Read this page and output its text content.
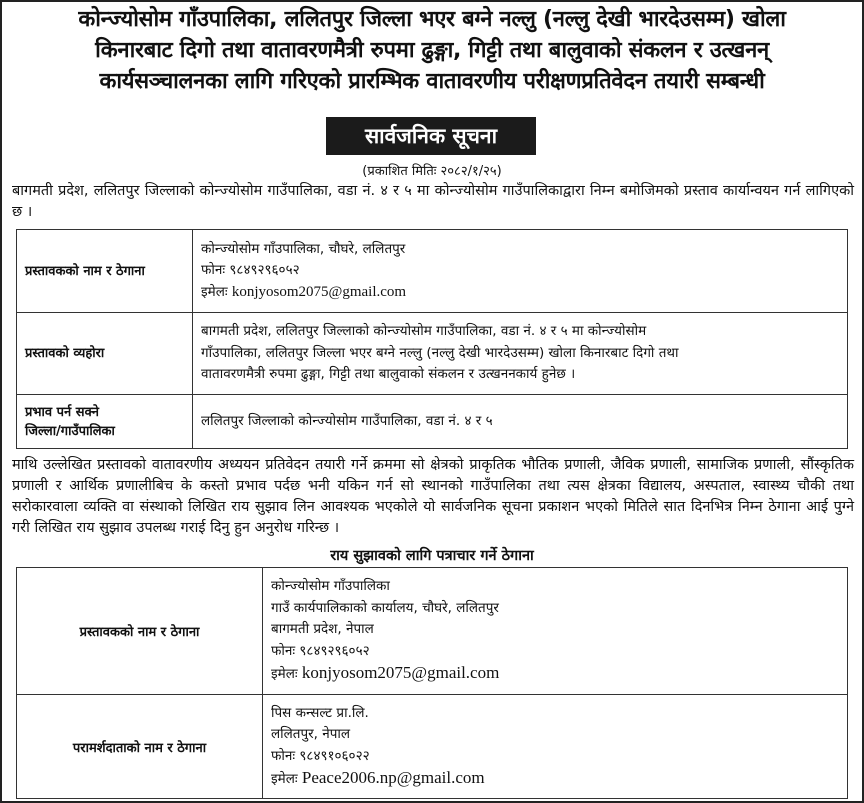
कोन्ज्योसोम गाँउपालिका, ललितपुर जिल्ला भएर बग्ने नल्लु (नल्लु देखी भारदेउसम्म) खोला
किनारबाट दिगो तथा वातावरणमैत्री रुपमा ढुङ्गा, गिट्टी तथा बालुवाको संकलन र उत्खनन्
कार्यसञ्चालनका लागि गरिएको प्रारम्भिक वातावरणीय परीक्षणप्रतिवेदन तयारी सम्बन्धी
सार्वजनिक सूचना
(प्रकाशित मितिः २०८२/१/२५)
बागमती प्रदेश, ललितपुर जिल्लाको कोन्ज्योसोम गाउँपालिका, वडा नं. ४ र ५ मा कोन्ज्योसोम गाउँपालिकाद्वारा निम्न बमोजिमको प्रस्ताव कार्यान्वयन गर्न लागिएको छ ।
प्रस्तावकको नाम र ठेगाना	कोन्ज्योसोम गाँउपालिका, चौघरे, ललितपुर
फोनः ९८४९२९६०५२
इमेलः konjyosom2075@gmail.com

प्रस्तावको व्यहोरा	बागमती प्रदेश, ललितपुर जिल्लाको कोन्ज्योसोम गाउँपालिका, वडा नं. ४ र ५ मा कोन्ज्योसोम
गाँउपालिका, ललितपुर जिल्ला भएर बग्ने नल्लु (नल्लु देखी भारदेउसम्म) खोला किनारबाट दिगो तथा
वातावरणमैत्री रुपमा ढुङ्गा, गिट्टी तथा बालुवाको संकलन र उत्खननकार्य हुनेछ ।

प्रभाव पर्न सक्ने
जिल्ला/गाउँपालिका	ललितपुर जिल्लाको कोन्ज्योसोम गाउँपालिका, वडा नं. ४ र ५
माथि उल्लेखित प्रस्तावको वातावरणीय अध्ययन प्रतिवेदन तयारी गर्ने क्रममा सो क्षेत्रको प्राकृतिक भौतिक प्रणाली, जैविक प्रणाली, सामाजिक प्रणाली, सौंस्कृतिक प्रणाली र आर्थिक प्रणालीबिच के कस्तो प्रभाव पर्दछ भनी यकिन गर्न सो स्थानको गाउँपालिका तथा त्यस क्षेत्रका विद्यालय, अस्पताल, स्वास्थ्य चौकी तथा सरोकारवाला व्यक्ति वा संस्थाको लिखित राय सुझाव लिन आवश्यक भएकोले यो सार्वजनिक सूचना प्रकाशन भएको मितिले सात दिनभित्र निम्न ठेगाना आई पुग्ने गरी लिखित राय सुझाव उपलब्ध गराई दिनु हुन अनुरोध गरिन्छ ।
राय सुझावको लागि पत्राचार गर्ने ठेगाना
प्रस्तावकको नाम र ठेगाना	कोन्ज्योसोम गाँउपालिका
गाउँ कार्यपालिकाको कार्यालय, चौघरे, ललितपुर
बागमती प्रदेश, नेपाल
फोनः ९८४९२९६०५२
इमेलः konjyosom2075@gmail.com

परामर्शदाताको नाम र ठेगाना	पिस कन्सल्ट प्रा.लि.
ललितपुर, नेपाल
फोनः ९८४९१०६०२२
इमेलः Peace2006.np@gmail.com
